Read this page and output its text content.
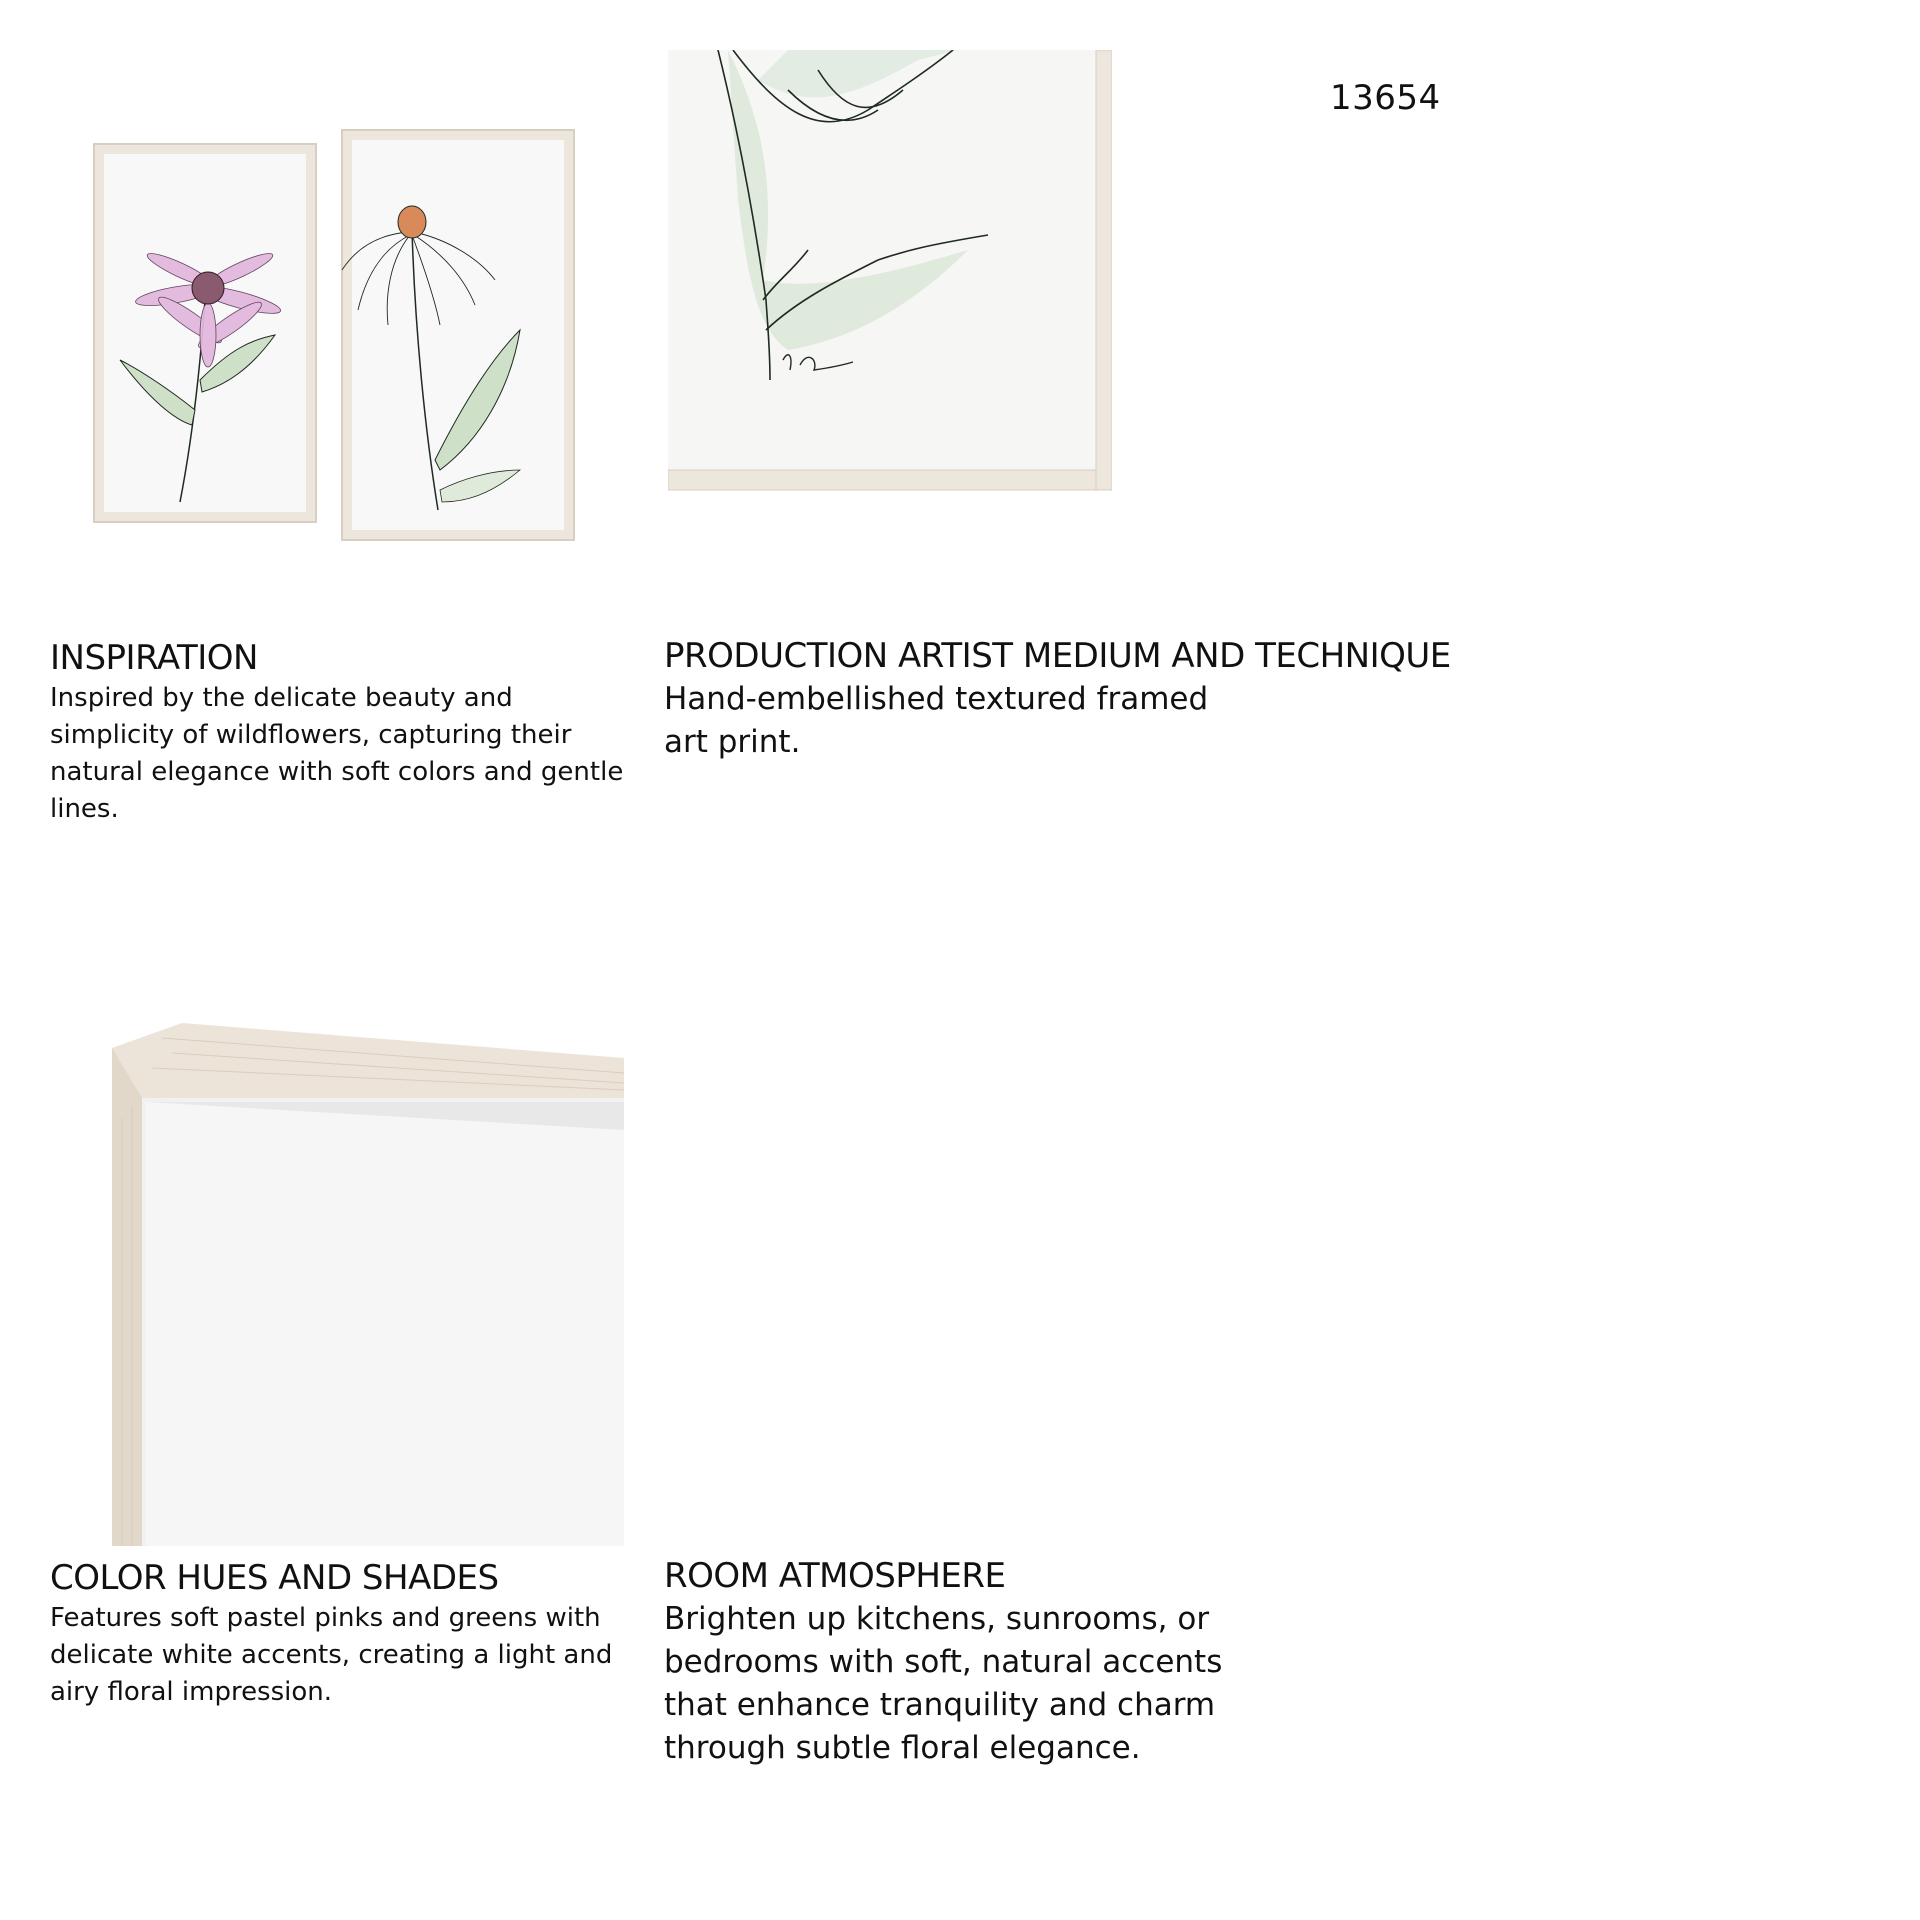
13654
INSPIRATION

Inspired by the delicate beauty and simplicity of wildflowers, capturing their natural elegance with soft colors and gentle lines.

PRODUCTION ARTIST MEDIUM AND TECHNIQUE

Hand-embellished textured framed art print.

COLOR HUES AND SHADES

Features soft pastel pinks and greens with delicate white accents, creating a light and airy floral impression.

ROOM ATMOSPHERE

Brighten up kitchens, sunrooms, or bedrooms with soft, natural accents that enhance tranquility and charm through subtle floral elegance.
